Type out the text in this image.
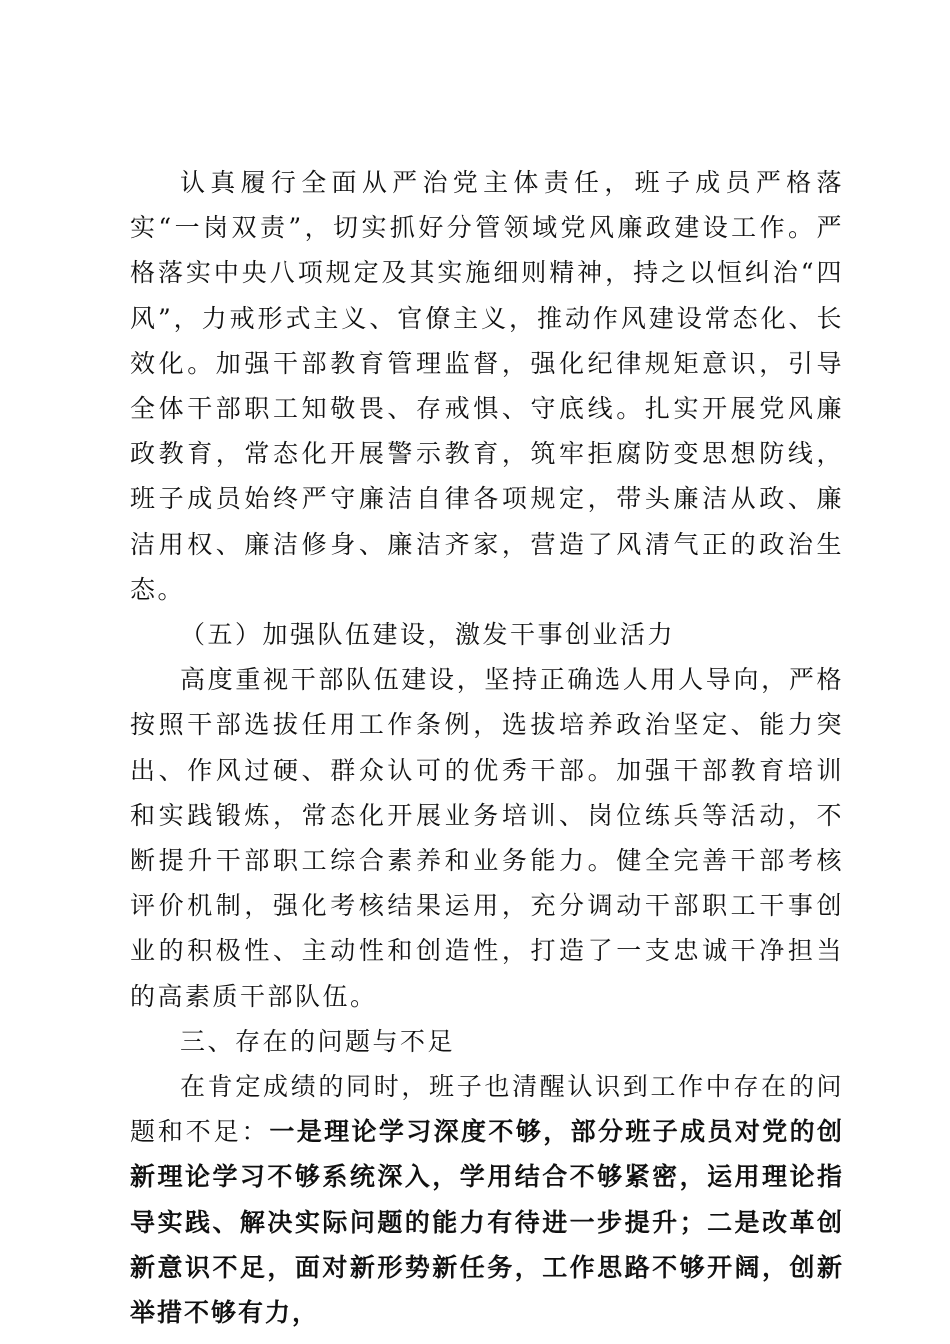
认真履行全面从严治党主体责任，班子成员严格落实“一岗双责”，切实抓好分管领域党风廉政建设工作。严格落实中央八项规定及其实施细则精神，持之以恒纠治“四风”，力戒形式主义、官僚主义，推动作风建设常态化、长效化。加强干部教育管理监督，强化纪律规矩意识，引导全体干部职工知敬畏、存戒惧、守底线。扎实开展党风廉政教育，常态化开展警示教育，筑牢拒腐防变思想防线，班子成员始终严守廉洁自律各项规定，带头廉洁从政、廉洁用权、廉洁修身、廉洁齐家，营造了风清气正的政治生态。

（五）加强队伍建设，激发干事创业活力

高度重视干部队伍建设，坚持正确选人用人导向，严格按照干部选拔任用工作条例，选拔培养政治坚定、能力突出、作风过硬、群众认可的优秀干部。加强干部教育培训和实践锻炼，常态化开展业务培训、岗位练兵等活动，不断提升干部职工综合素养和业务能力。健全完善干部考核评价机制，强化考核结果运用，充分调动干部职工干事创业的积极性、主动性和创造性，打造了一支忠诚干净担当的高素质干部队伍。

三、存在的问题与不足

在肯定成绩的同时，班子也清醒认识到工作中存在的问题和不足：一是理论学习深度不够，部分班子成员对党的创新理论学习不够系统深入，学用结合不够紧密，运用理论指导实践、解决实际问题的能力有待进一步提升；二是改革创新意识不足，面对新形势新任务，工作思路不够开阔，创新举措不够有力，
